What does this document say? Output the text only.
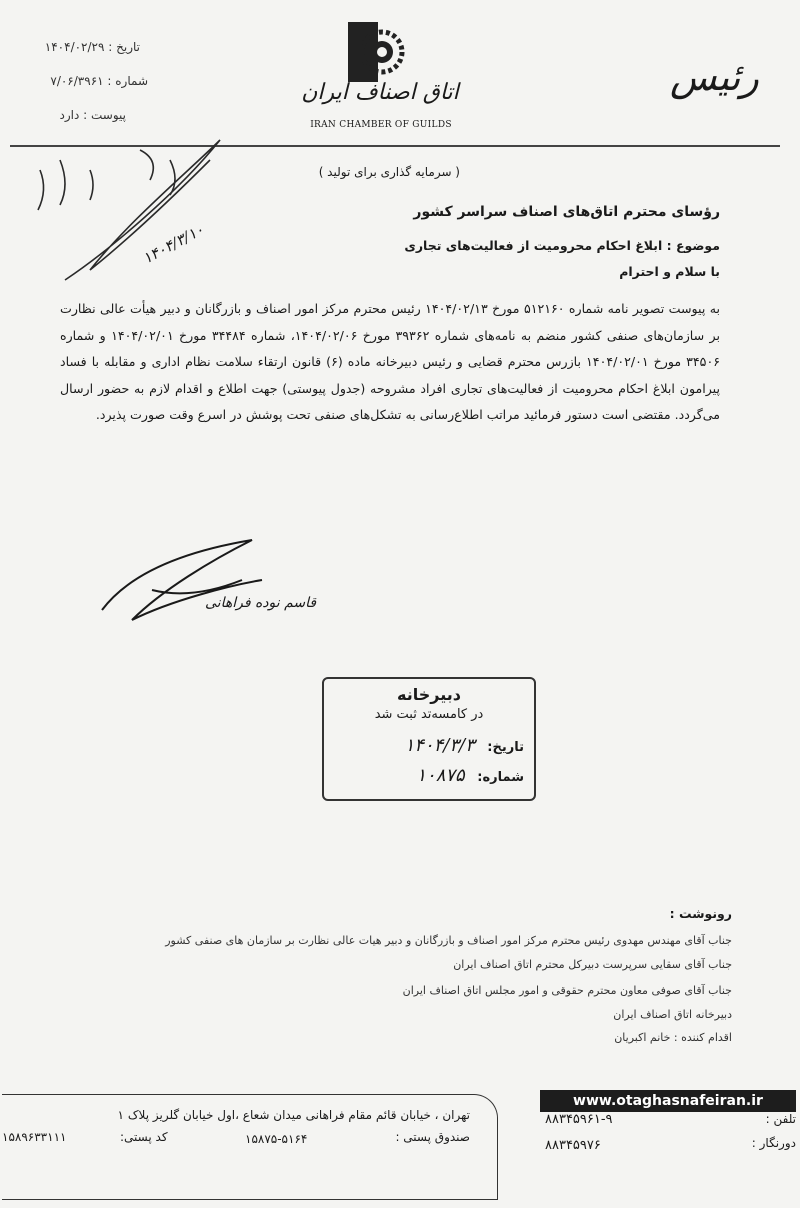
تاریخ : ۱۴۰۴/۰۲/۲۹
شماره : ۷/۰۶/۳۹۶۱
پیوست : دارد
اتاق اصناف ایران
IRAN CHAMBER OF GUILDS
رئیس
۱۴۰۴/۳/۱۰
( سرمایه گذاری برای تولید )
رؤسای محترم اتاق‌های اصناف سراسر کشور
موضوع : ابلاغ احکام محرومیت از فعالیت‌های تجاری
با سلام و احترام
به پیوست تصویر نامه شماره ۵۱۲۱۶۰ مورخ ۱۴۰۴/۰۲/۱۳ رئیس محترم مرکز امور اصناف و بازرگانان و دبیر هیأت عالی نظارت بر سازمان‌های صنفی کشور منضم به نامه‌های شماره ۳۹۳۶۲ مورخ ۱۴۰۴/۰۲/۰۶، شماره ۳۴۴۸۴ مورخ ۱۴۰۴/۰۲/۰۱ و شماره ۳۴۵۰۶ مورخ ۱۴۰۴/۰۲/۰۱ بازرس محترم قضایی و رئیس دبیرخانه ماده (۶) قانون ارتقاء سلامت نظام اداری و مقابله با فساد پیرامون ابلاغ احکام محرومیت از فعالیت‌های تجاری افراد مشروحه (جدول پیوستی) جهت اطلاع و اقدام لازم به حضور ارسال می‌گردد. مقتضی است دستور فرمائید مراتب اطلاع‌رسانی به تشکل‌های صنفی تحت پوشش در اسرع وقت صورت پذیرد.
قاسم نوده فراهانی
دبیرخانه
در کامسه‌تد ثبت شد
تاریخ: ۱۴۰۴/۳/۳
شماره: ۱۰۸۷۵
رونوشت :
جناب آقای مهندس مهدوی رئیس محترم مرکز امور اصناف و بازرگانان و دبیر هیات عالی نظارت بر سازمان های صنفی کشور
جناب آقای سقایی سرپرست دبیرکل محترم اتاق اصناف ایران
جناب آقای صوفی معاون محترم حقوقی و امور مجلس اتاق اصناف ایران
دبیرخانه اتاق اصناف ایران
اقدام کننده : خانم اکبریان
تهران ، خیابان قائم مقام فراهانی میدان شعاع ،اول خیابان گلریز پلاک ۱
صندوق پستی :
۱۵۸۷۵-۵۱۶۴
کد پستی:
۱۵۸۹۶۳۳۱۱۱
www.otaghasnafeiran.ir
تلفن :
۸۸۳۴۵۹۶۱-۹
دورنگار :
۸۸۳۴۵۹۷۶
